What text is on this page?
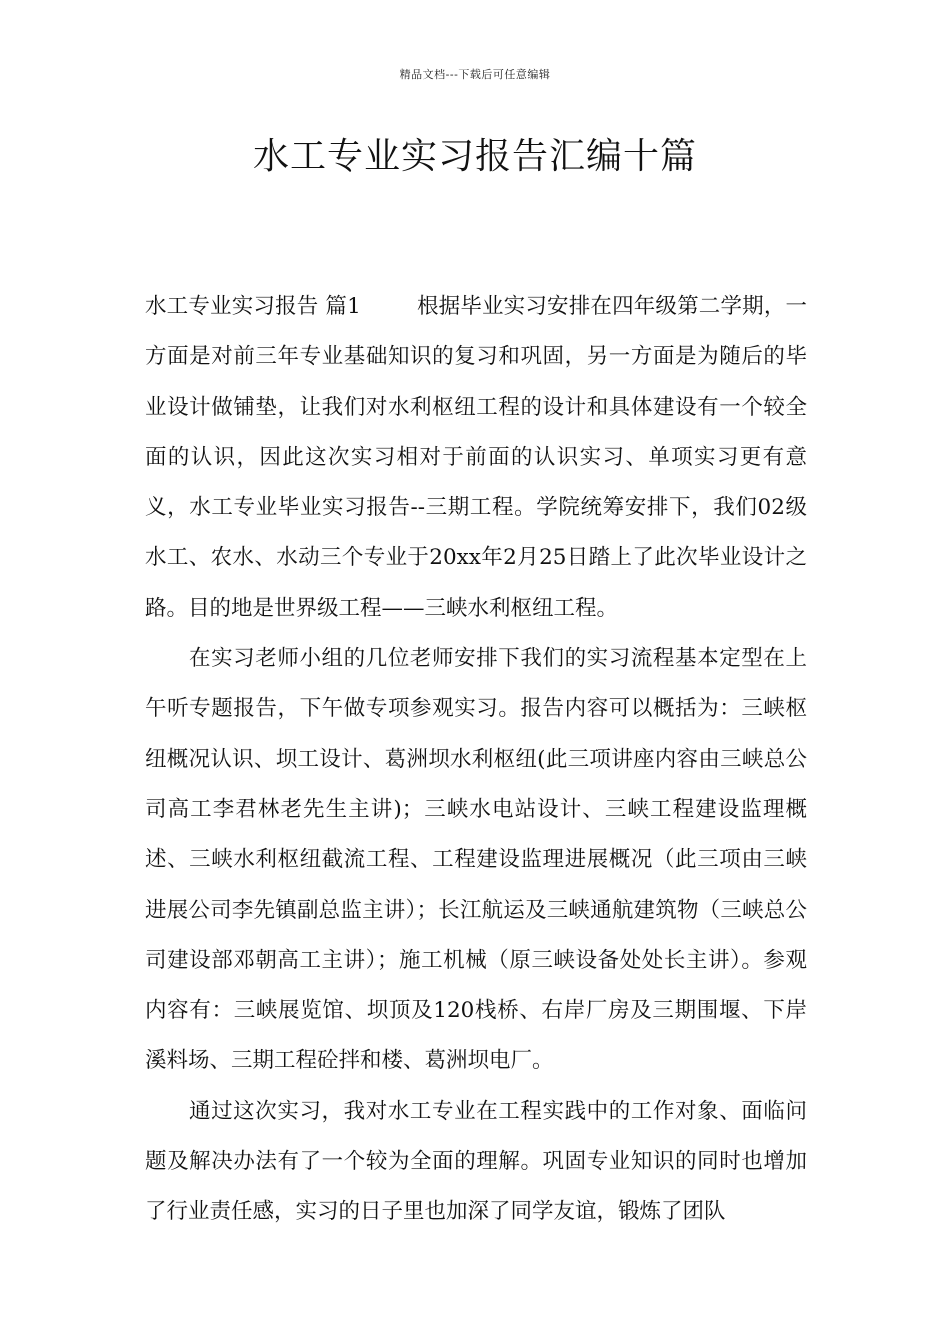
精品文档---下载后可任意编辑
水工专业实习报告汇编十篇

水工专业实习报告 篇1	根据毕业实习安排在四年级第二学期，一方面是对前三年专业基础知识的复习和巩固，另一方面是为随后的毕业设计做铺垫，让我们对水利枢纽工程的设计和具体建设有一个较全面的认识，因此这次实习相对于前面的认识实习、单项实习更有意义，水工专业毕业实习报告--三期工程。学院统筹安排下，我们02级水工、农水、水动三个专业于20xx年2月25日踏上了此次毕业设计之路。目的地是世界级工程——三峡水利枢纽工程。

在实习老师小组的几位老师安排下我们的实习流程基本定型在上午听专题报告，下午做专项参观实习。报告内容可以概括为：三峡枢纽概况认识、坝工设计、葛洲坝水利枢纽(此三项讲座内容由三峡总公司高工李君林老先生主讲)；三峡水电站设计、三峡工程建设监理概述、三峡水利枢纽截流工程、工程建设监理进展概况（此三项由三峡进展公司李先镇副总监主讲）；长江航运及三峡通航建筑物（三峡总公司建设部邓朝高工主讲）；施工机械（原三峡设备处处长主讲）。参观内容有：三峡展览馆、坝顶及120栈桥、右岸厂房及三期围堰、下岸溪料场、三期工程砼拌和楼、葛洲坝电厂。

通过这次实习，我对水工专业在工程实践中的工作对象、面临问题及解决办法有了一个较为全面的理解。巩固专业知识的同时也增加了行业责任感，实习的日子里也加深了同学友谊，锻炼了团队
